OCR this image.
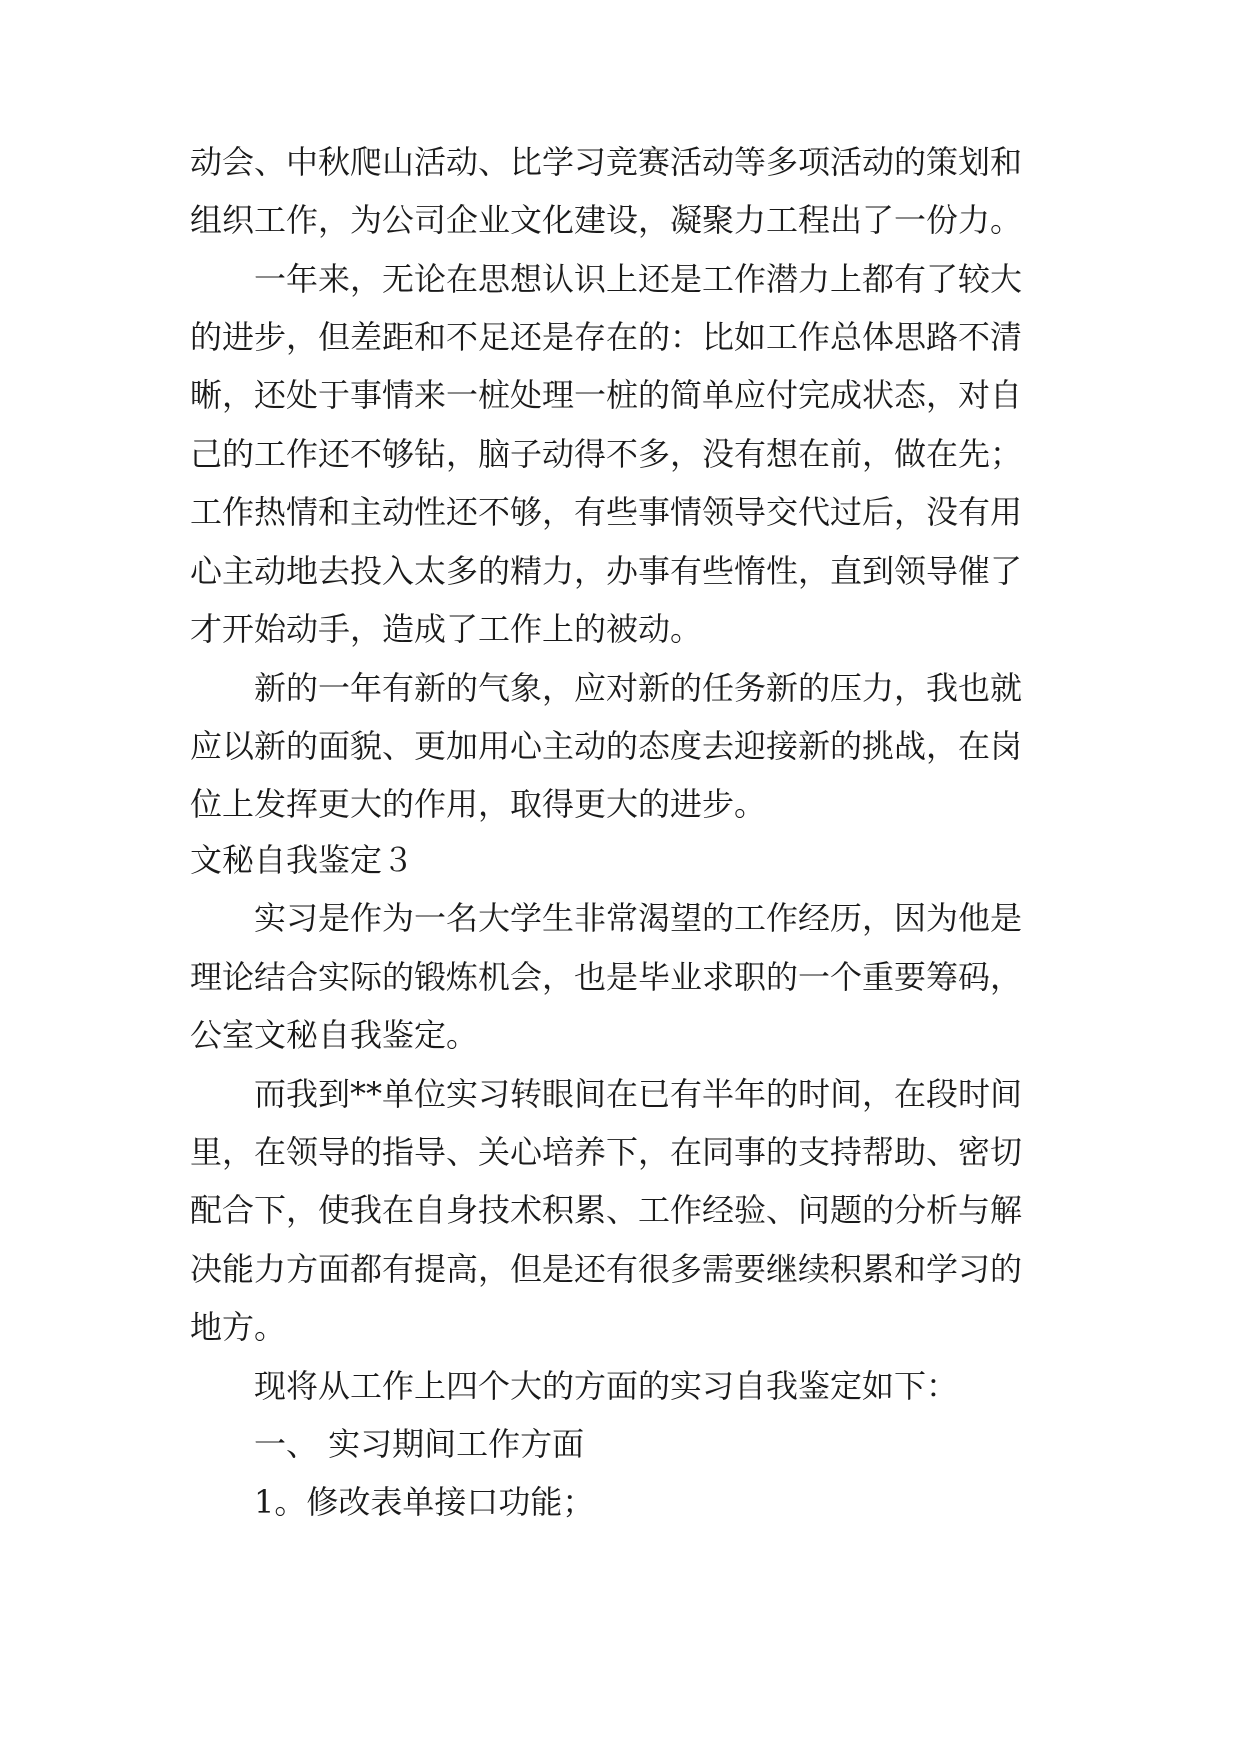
动会、中秋爬山活动、比学习竞赛活动等多项活动的策划和
组织工作，为公司企业文化建设，凝聚力工程出了一份力。
一年来，无论在思想认识上还是工作潜力上都有了较大
的进步，但差距和不足还是存在的：比如工作总体思路不清
晰，还处于事情来一桩处理一桩的简单应付完成状态，对自
己的工作还不够钻，脑子动得不多，没有想在前，做在先；
工作热情和主动性还不够，有些事情领导交代过后，没有用
心主动地去投入太多的精力，办事有些惰性，直到领导催了
才开始动手，造成了工作上的被动。
新的一年有新的气象，应对新的任务新的压力，我也就
应以新的面貌、更加用心主动的态度去迎接新的挑战，在岗
位上发挥更大的作用，取得更大的进步。
文秘自我鉴定３
实习是作为一名大学生非常渴望的工作经历，因为他是
理论结合实际的锻炼机会，也是毕业求职的一个重要筹码，
公室文秘自我鉴定。
而我到**单位实习转眼间在已有半年的时间，在段时间
里，在领导的指导、关心培养下，在同事的支持帮助、密切
配合下，使我在自身技术积累、工作经验、问题的分析与解
决能力方面都有提高，但是还有很多需要继续积累和学习的
地方。
现将从工作上四个大的方面的实习自我鉴定如下：
一、 实习期间工作方面
1。修改表单接口功能；
